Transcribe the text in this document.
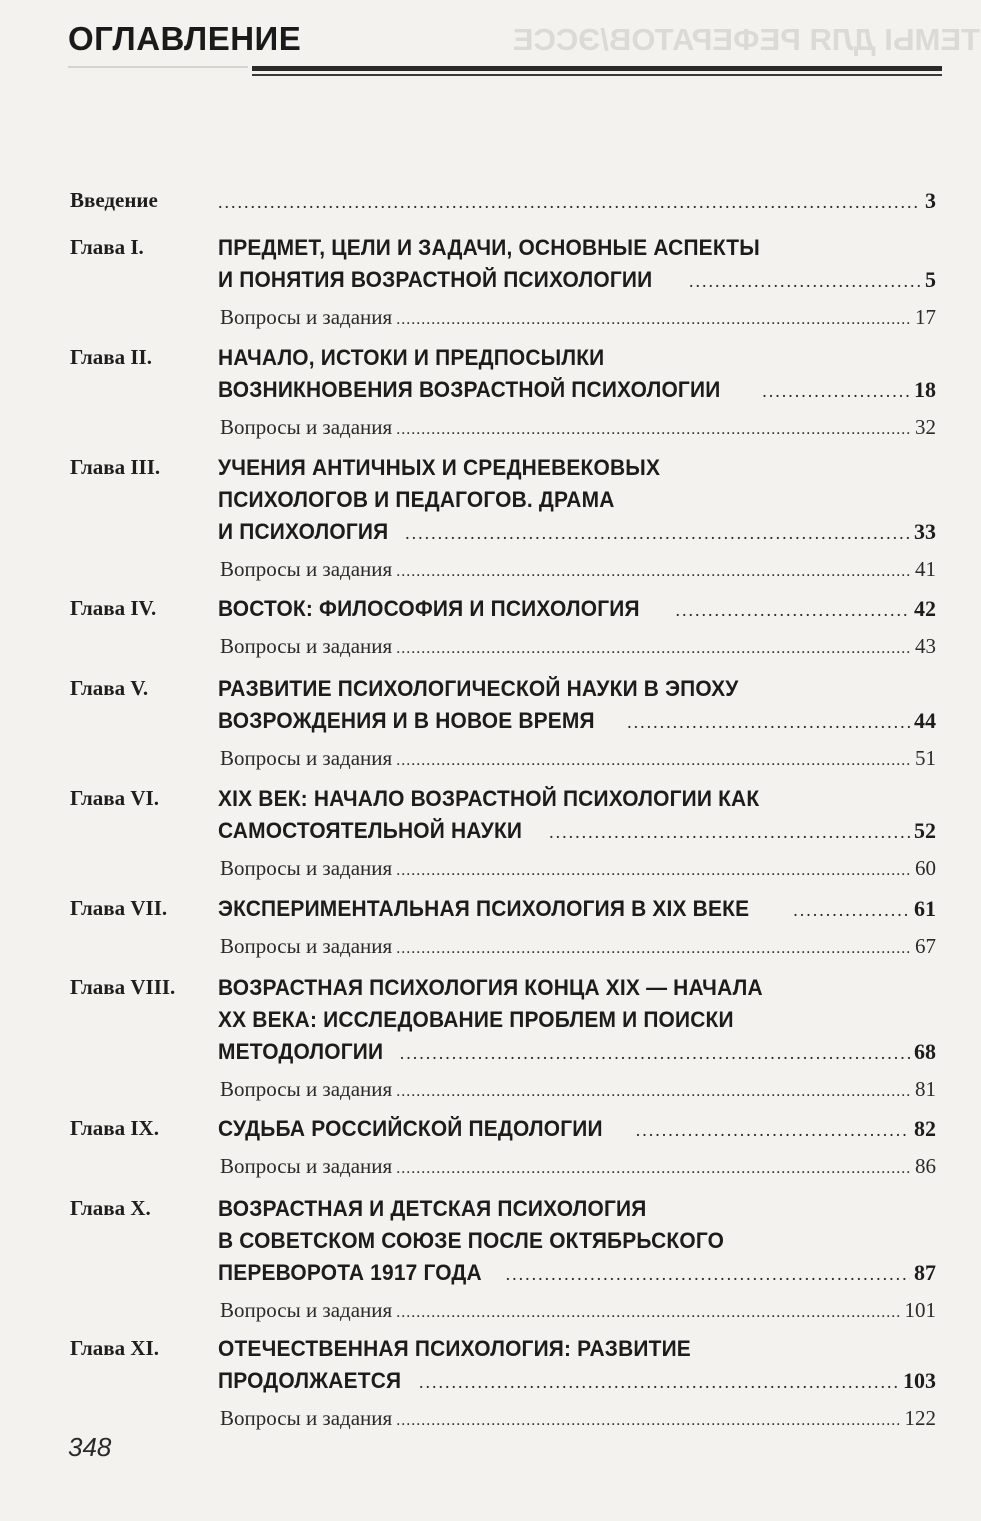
ТЕМЫ ДЛЯ РЕФЕРАТОВ/ЭССЕ
ОГЛАВЛЕНИЕ
Введение .....	3
Глава I.	ПРЕДМЕТ, ЦЕЛИ И ЗАДАЧИ, ОСНОВНЫЕ АСПЕКТЫ
И ПОНЯТИЯ ВОЗРАСТНОЙ ПСИХОЛОГИИ .....	5
Вопросы и задания .....	17
Глава II.	НАЧАЛО, ИСТОКИ И ПРЕДПОСЫЛКИ
ВОЗНИКНОВЕНИЯ ВОЗРАСТНОЙ ПСИХОЛОГИИ .....	18
Вопросы и задания .....	32
Глава III.	УЧЕНИЯ АНТИЧНЫХ И СРЕДНЕВЕКОВЫХ
ПСИХОЛОГОВ И ПЕДАГОГОВ. ДРАМА
И ПСИХОЛОГИЯ .....	33
Вопросы и задания .....	41
Глава IV.	ВОСТОК: ФИЛОСОФИЯ И ПСИХОЛОГИЯ .....	42
Вопросы и задания .....	43
Глава V.	РАЗВИТИЕ ПСИХОЛОГИЧЕСКОЙ НАУКИ В ЭПОХУ
ВОЗРОЖДЕНИЯ И В НОВОЕ ВРЕМЯ .....	44
Вопросы и задания .....	51
Глава VI.	XIX ВЕК: НАЧАЛО ВОЗРАСТНОЙ ПСИХОЛОГИИ КАК
САМОСТОЯТЕЛЬНОЙ НАУКИ .....	52
Вопросы и задания .....	60
Глава VII. ЭКСПЕРИМЕНТАЛЬНАЯ ПСИХОЛОГИЯ В XIX ВЕКЕ .....	61
Вопросы и задания .....	67
Глава VIII. ВОЗРАСТНАЯ ПСИХОЛОГИЯ КОНЦА XIX — НАЧАЛА
XX ВЕКА: ИССЛЕДОВАНИЕ ПРОБЛЕМ И ПОИСКИ
МЕТОДОЛОГИИ .....	68
Вопросы и задания .....	81
Глава IX.	СУДЬБА РОССИЙСКОЙ ПЕДОЛОГИИ .....	82
Вопросы и задания .....	86
Глава X.	ВОЗРАСТНАЯ И ДЕТСКАЯ ПСИХОЛОГИЯ
В СОВЕТСКОМ СОЮЗЕ ПОСЛЕ ОКТЯБРЬСКОГО
ПЕРЕВОРОТА 1917 ГОДА .....	87
Вопросы и задания .....	101
Глава XI.	ОТЕЧЕСТВЕННАЯ ПСИХОЛОГИЯ: РАЗВИТИЕ
ПРОДОЛЖАЕТСЯ .....	103
Вопросы и задания .....	122
348
